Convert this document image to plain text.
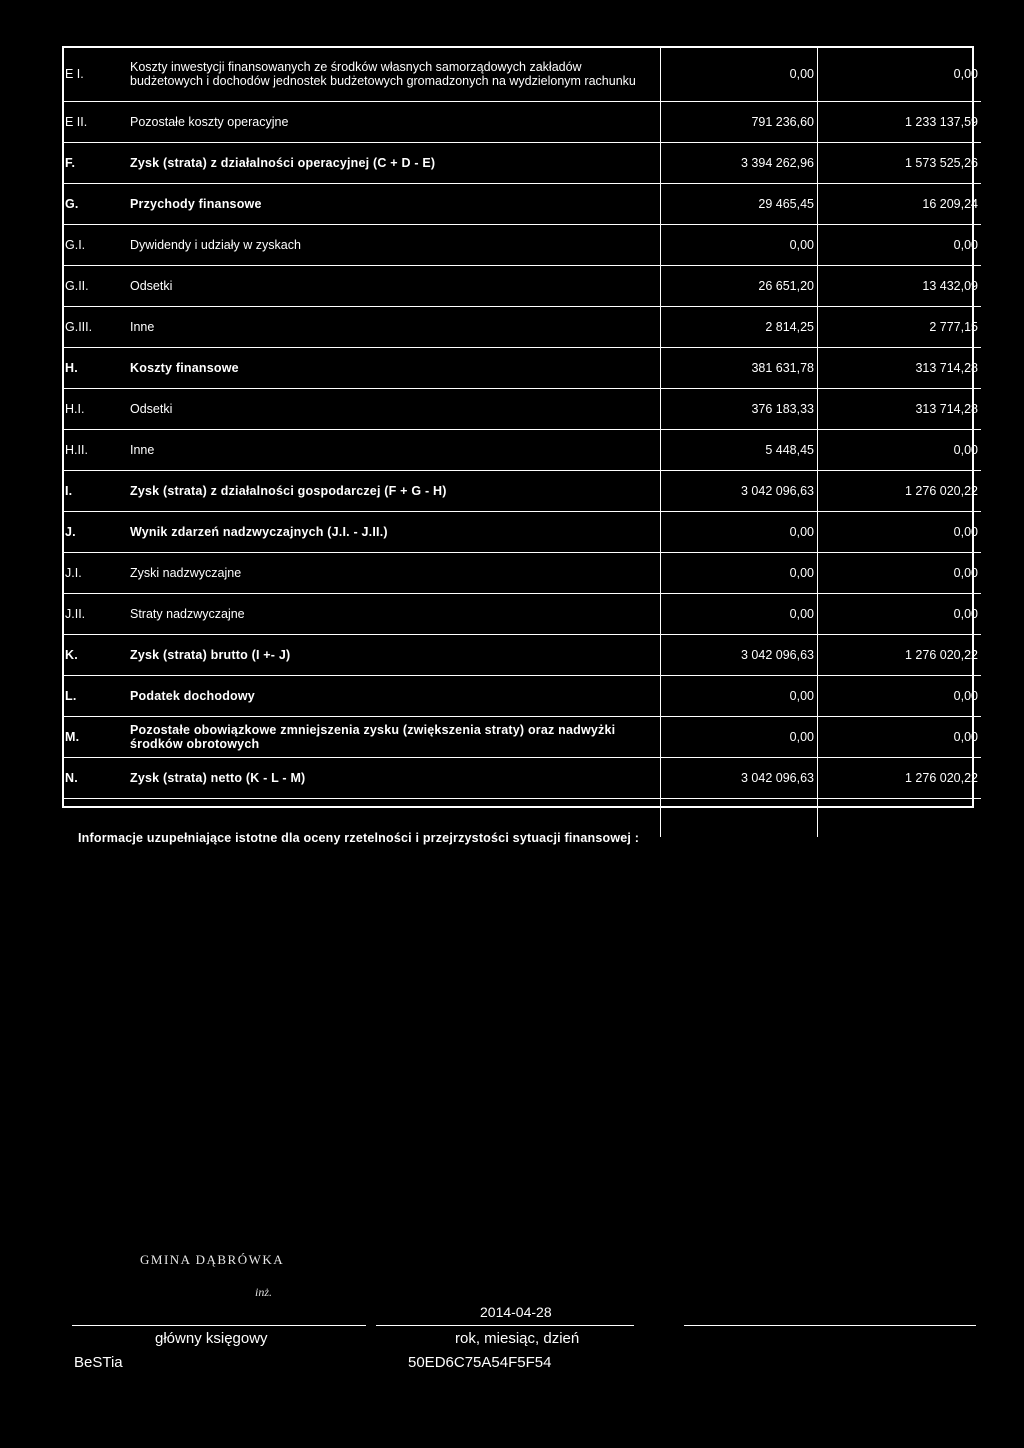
E I.	Koszty inwestycji finansowanych ze środków własnych samorządowych zakładów budżetowych i dochodów jednostek budżetowych gromadzonych na wydzielonym rachunku	0,00	0,00
E II.	Pozostałe koszty operacyjne	791 236,60	1 233 137,59
F.	Zysk (strata) z działalności operacyjnej (C + D - E)	3 394 262,96	1 573 525,26
G.	Przychody finansowe	29 465,45	16 209,24
G.I.	Dywidendy i udziały w zyskach	0,00	0,00
G.II.	Odsetki	26 651,20	13 432,09
G.III.	Inne	2 814,25	2 777,15
H.	Koszty finansowe	381 631,78	313 714,28
H.I.	Odsetki	376 183,33	313 714,28
H.II.	Inne	5 448,45	0,00
I.	Zysk (strata) z działalności gospodarczej (F + G - H)	3 042 096,63	1 276 020,22
J.	Wynik zdarzeń nadzwyczajnych (J.I. - J.II.)	0,00	0,00
J.I.	Zyski nadzwyczajne	0,00	0,00
J.II.	Straty nadzwyczajne	0,00	0,00
K.	Zysk (strata) brutto (I +- J)	3 042 096,63	1 276 020,22
L.	Podatek dochodowy	0,00	0,00
M.	Pozostałe obowiązkowe zmniejszenia zysku (zwiększenia straty) oraz nadwyżki środków obrotowych	0,00	0,00
N.	Zysk (strata) netto (K - L - M)	3 042 096,63	1 276 020,22

Informacje uzupełniające istotne dla oceny rzetelności i przejrzystości sytuacji finansowej :
GMINA DĄBRÓWKA
inż.
2014-04-28
główny księgowy	rok, miesiąc, dzień
BeSTia	50ED6C75A54F5F54
